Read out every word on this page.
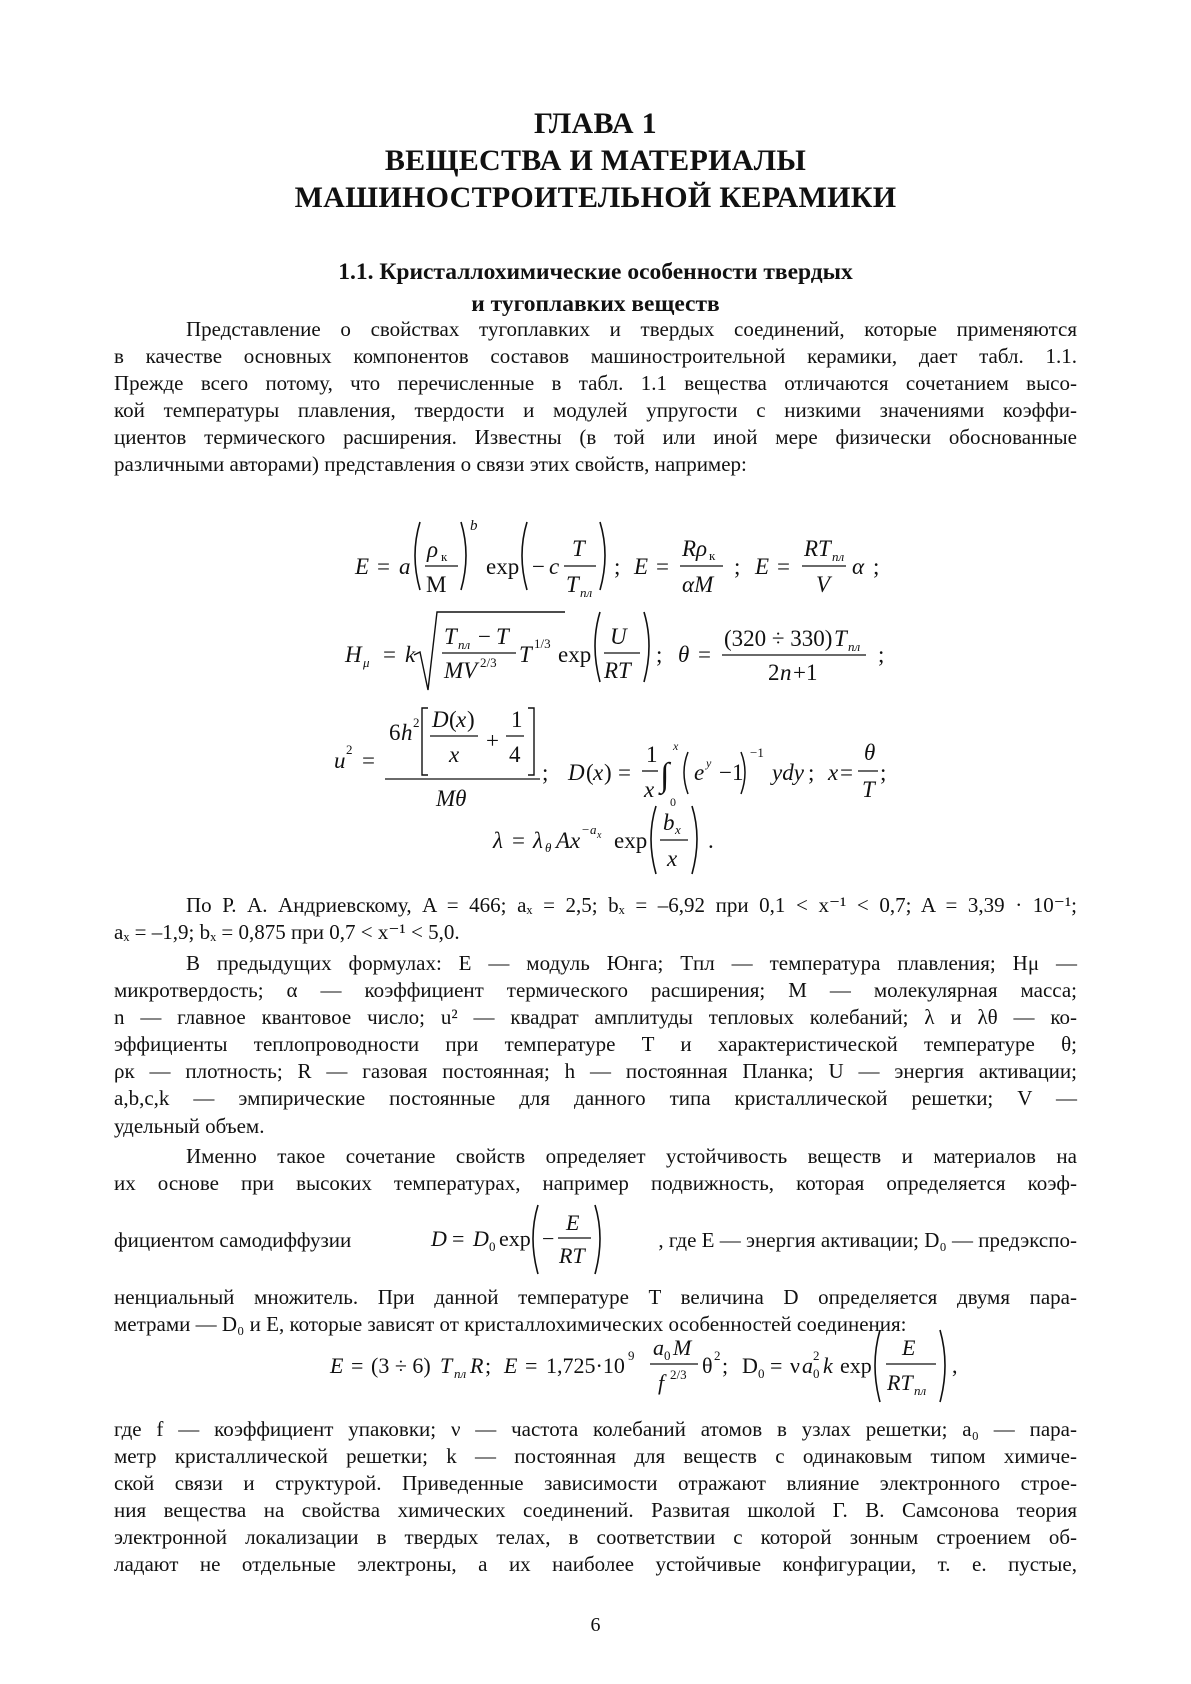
ГЛАВА 1
ВЕЩЕСТВА И МАТЕРИАЛЫ
МАШИНОСТРОИТЕЛЬНОЙ КЕРАМИКИ
1.1. Кристаллохимические особенности твердых
и тугоплавких веществ

Представление о свойствах тугоплавких и твердых соединений, которые применяются

в качестве основных компонентов составов машиностроительной керамики, дает табл. 1.1.

Прежде всего потому, что перечисленные в табл. 1.1 вещества отличаются сочетанием высо-

кой температуры плавления, твердости и модулей упругости с низкими значениями коэффи-

циентов термического расширения. Известны (в той или иной мере физически обоснованные

различными авторами) представления о связи этих свойств, например:

E = a
ρ к
M
b
exp − c
T
T пл
; E =
Rρ к
αM
; E =
RT пл
V
α ;
H μ = k
T пл − T
MV 2/3 T 1/3 exp
U
RT
; θ =
(320 ÷ 330) T пл
2 n +1
;
u 2 =
6 h 2 D ( x )
x
+
1
4
Mθ
; D ( x ) =
1
x ∫
x
0
e y −1
−1
ydy ; x =
θ
T
;
λ = λ θ Ax − a x exp
b x
x
.

По Р. А. Андриевскому, A = 466; aₓ = 2,5; bₓ = –6,92 при 0,1 < x⁻¹ < 0,7; A = 3,39 · 10⁻¹;

aₓ = –1,9; bₓ = 0,875 при 0,7 < x⁻¹ < 5,0.

В предыдущих формулах: E — модуль Юнга; Tпл — температура плавления; Hμ —

микротвердость; α — коэффициент термического расширения; M — молекулярная масса;

n — главное квантовое число; u² — квадрат амплитуды тепловых колебаний; λ и λθ — ко-

эффициенты теплопроводности при температуре T и характеристической температуре θ;

ρк — плотность; R — газовая постоянная; h — постоянная Планка; U — энергия активации;

a,b,c,k — эмпирические постоянные для данного типа кристаллической решетки; V —

удельный объем.

Именно такое сочетание свойств определяет устойчивость веществ и материалов на

их основе при высоких температурах, например подвижность, которая определяется коэф-

фициентом самодиффузии	D = D 0 exp −
E
RT
, где E — энергия активации; D₀ — предэкспо-

ненциальный множитель. При данной температуре T величина D определяется двумя пара-

метрами — D₀ и E, которые зависят от кристаллохимических особенностей соединения:

E = (3 ÷ 6) T пл R ; E = 1,725·10 9 a 0 M
f 2/3 θ 2 ; D 0 = ν a 2
0 k exp
E
RT пл
,

где f — коэффициент упаковки; ν — частота колебаний атомов в узлах решетки; a₀ — пара-

метр кристаллической решетки; k — постоянная для веществ с одинаковым типом химиче-

ской связи и структурой. Приведенные зависимости отражают влияние электронного строе-

ния вещества на свойства химических соединений. Развитая школой Г. В. Самсонова теория

электронной локализации в твердых телах, в соответствии с которой зонным строением об-

ладают не отдельные электроны, а их наиболее устойчивые конфигурации, т. е. пустые,

6
